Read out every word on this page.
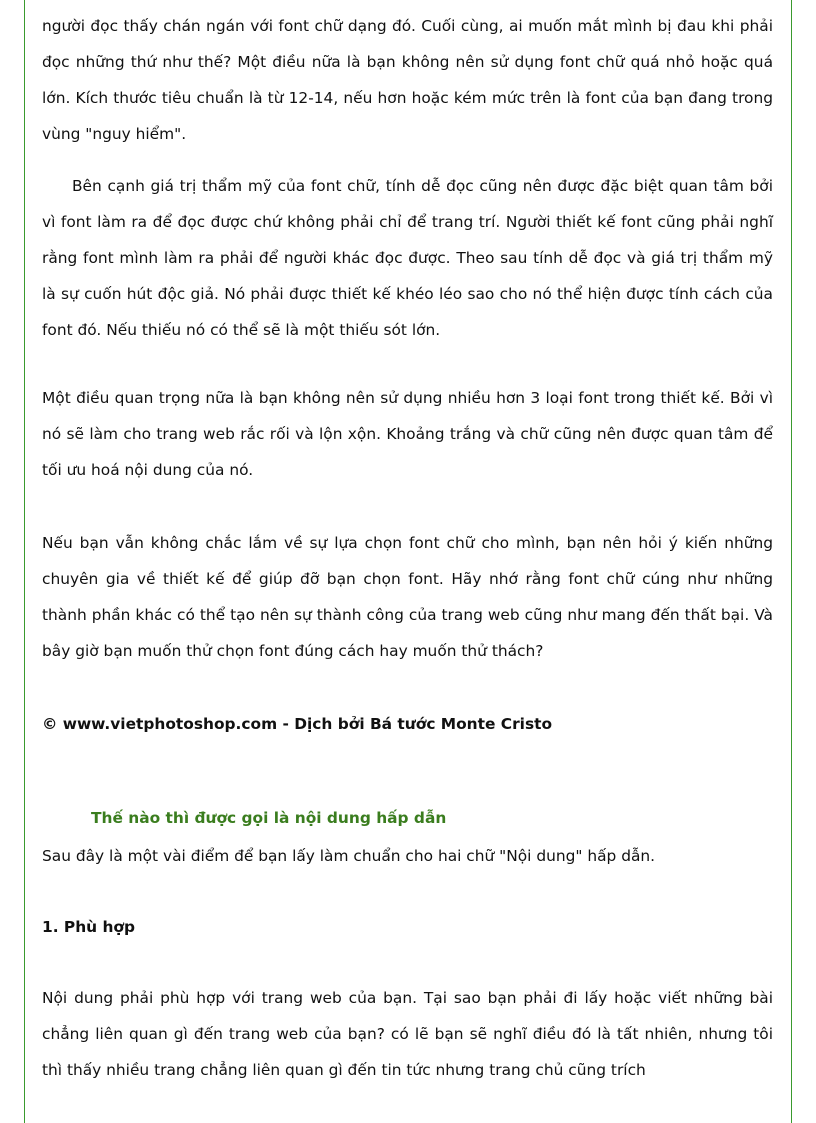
người đọc thấy chán ngán với font chữ dạng đó. Cuối cùng, ai muốn mắt mình bị đau khi phải đọc những thứ như thế? Một điều nữa là bạn không nên sử dụng font chữ quá nhỏ hoặc quá lớn. Kích thước tiêu chuẩn là từ 12-14, nếu hơn hoặc kém mức trên là font của bạn đang trong vùng "nguy hiểm".

Bên cạnh giá trị thẩm mỹ của font chữ, tính dễ đọc cũng nên được đặc biệt quan tâm bởi vì font làm ra để đọc được chứ không phải chỉ để trang trí. Người thiết kế font cũng phải nghĩ rằng font mình làm ra phải để người khác đọc được. Theo sau tính dễ đọc và giá trị thẩm mỹ là sự cuốn hút độc giả. Nó phải được thiết kế khéo léo sao cho nó thể hiện được tính cách của font đó. Nếu thiếu nó có thể sẽ là một thiếu sót lớn.

Một điều quan trọng nữa là bạn không nên sử dụng nhiều hơn 3 loại font trong thiết kế. Bởi vì nó sẽ làm cho trang web rắc rối và lộn xộn. Khoảng trắng và chữ cũng nên được quan tâm để tối ưu hoá nội dung của nó.

Nếu bạn vẫn không chắc lắm về sự lựa chọn font chữ cho mình, bạn nên hỏi ý kiến những chuyên gia về thiết kế để giúp đỡ bạn chọn font. Hãy nhớ rằng font chữ cúng như những thành phần khác có thể tạo nên sự thành công của trang web cũng như mang đến thất bại. Và bây giờ bạn muốn thử chọn font đúng cách hay muốn thử thách?

© www.vietphotoshop.com - Dịch bởi Bá tước Monte Cristo
Thế nào thì được gọi là nội dung hấp dẫn
Sau đây là một vài điểm để bạn lấy làm chuẩn cho hai chữ "Nội dung" hấp dẫn.
1. Phù hợp

Nội dung phải phù hợp với trang web của bạn. Tại sao bạn phải đi lấy hoặc viết những bài chẳng liên quan gì đến trang web của bạn? có lẽ bạn sẽ nghĩ điều đó là tất nhiên, nhưng tôi thì thấy nhiều trang chẳng liên quan gì đến tin tức nhưng trang chủ cũng trích
